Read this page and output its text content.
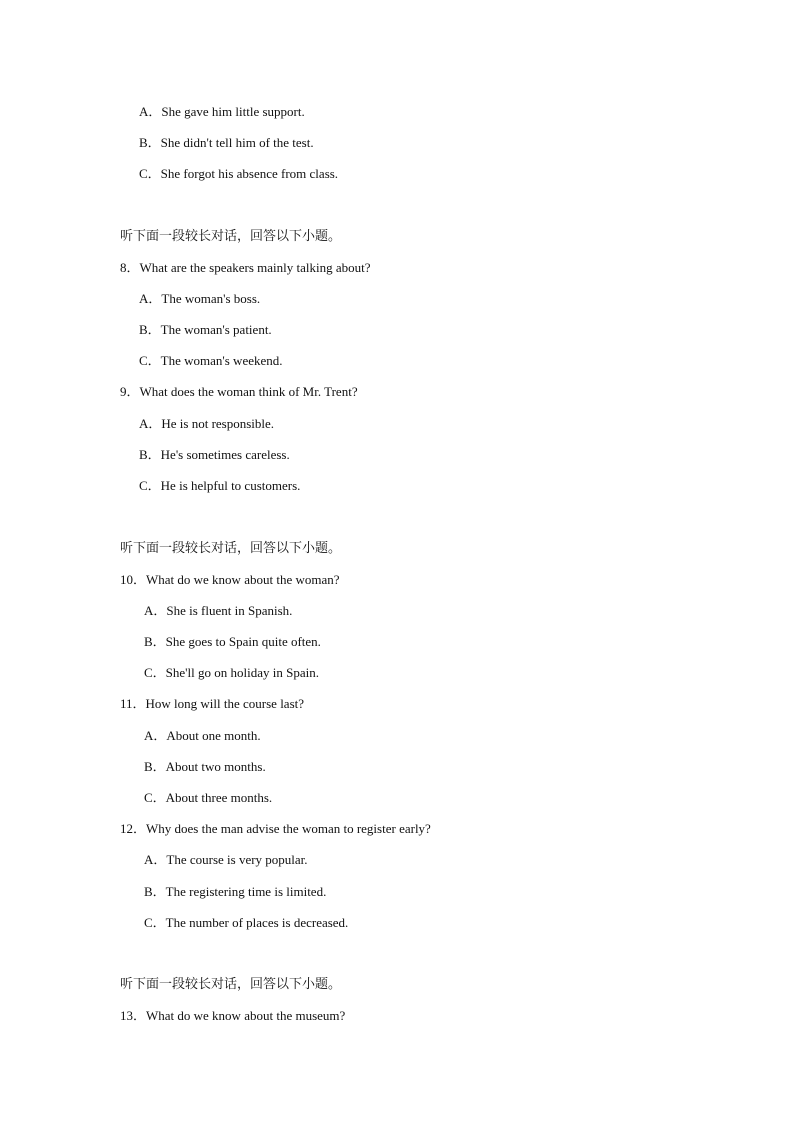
A．She gave him little support.
B．She didn't tell him of the test.
C．She forgot his absence from class.
听下面一段较长对话，回答以下小题。
8．What are the speakers mainly talking about?
A．The woman's boss.
B．The woman's patient.
C．The woman's weekend.
9．What does the woman think of Mr. Trent?
A．He is not responsible.
B．He's sometimes careless.
C．He is helpful to customers.
听下面一段较长对话，回答以下小题。
10．What do we know about the woman?
A．She is fluent in Spanish.
B．She goes to Spain quite often.
C．She'll go on holiday in Spain.
11．How long will the course last?
A．About one month.
B．About two months.
C．About three months.
12．Why does the man advise the woman to register early?
A．The course is very popular.
B．The registering time is limited.
C．The number of places is decreased.
听下面一段较长对话，回答以下小题。
13．What do we know about the museum?
